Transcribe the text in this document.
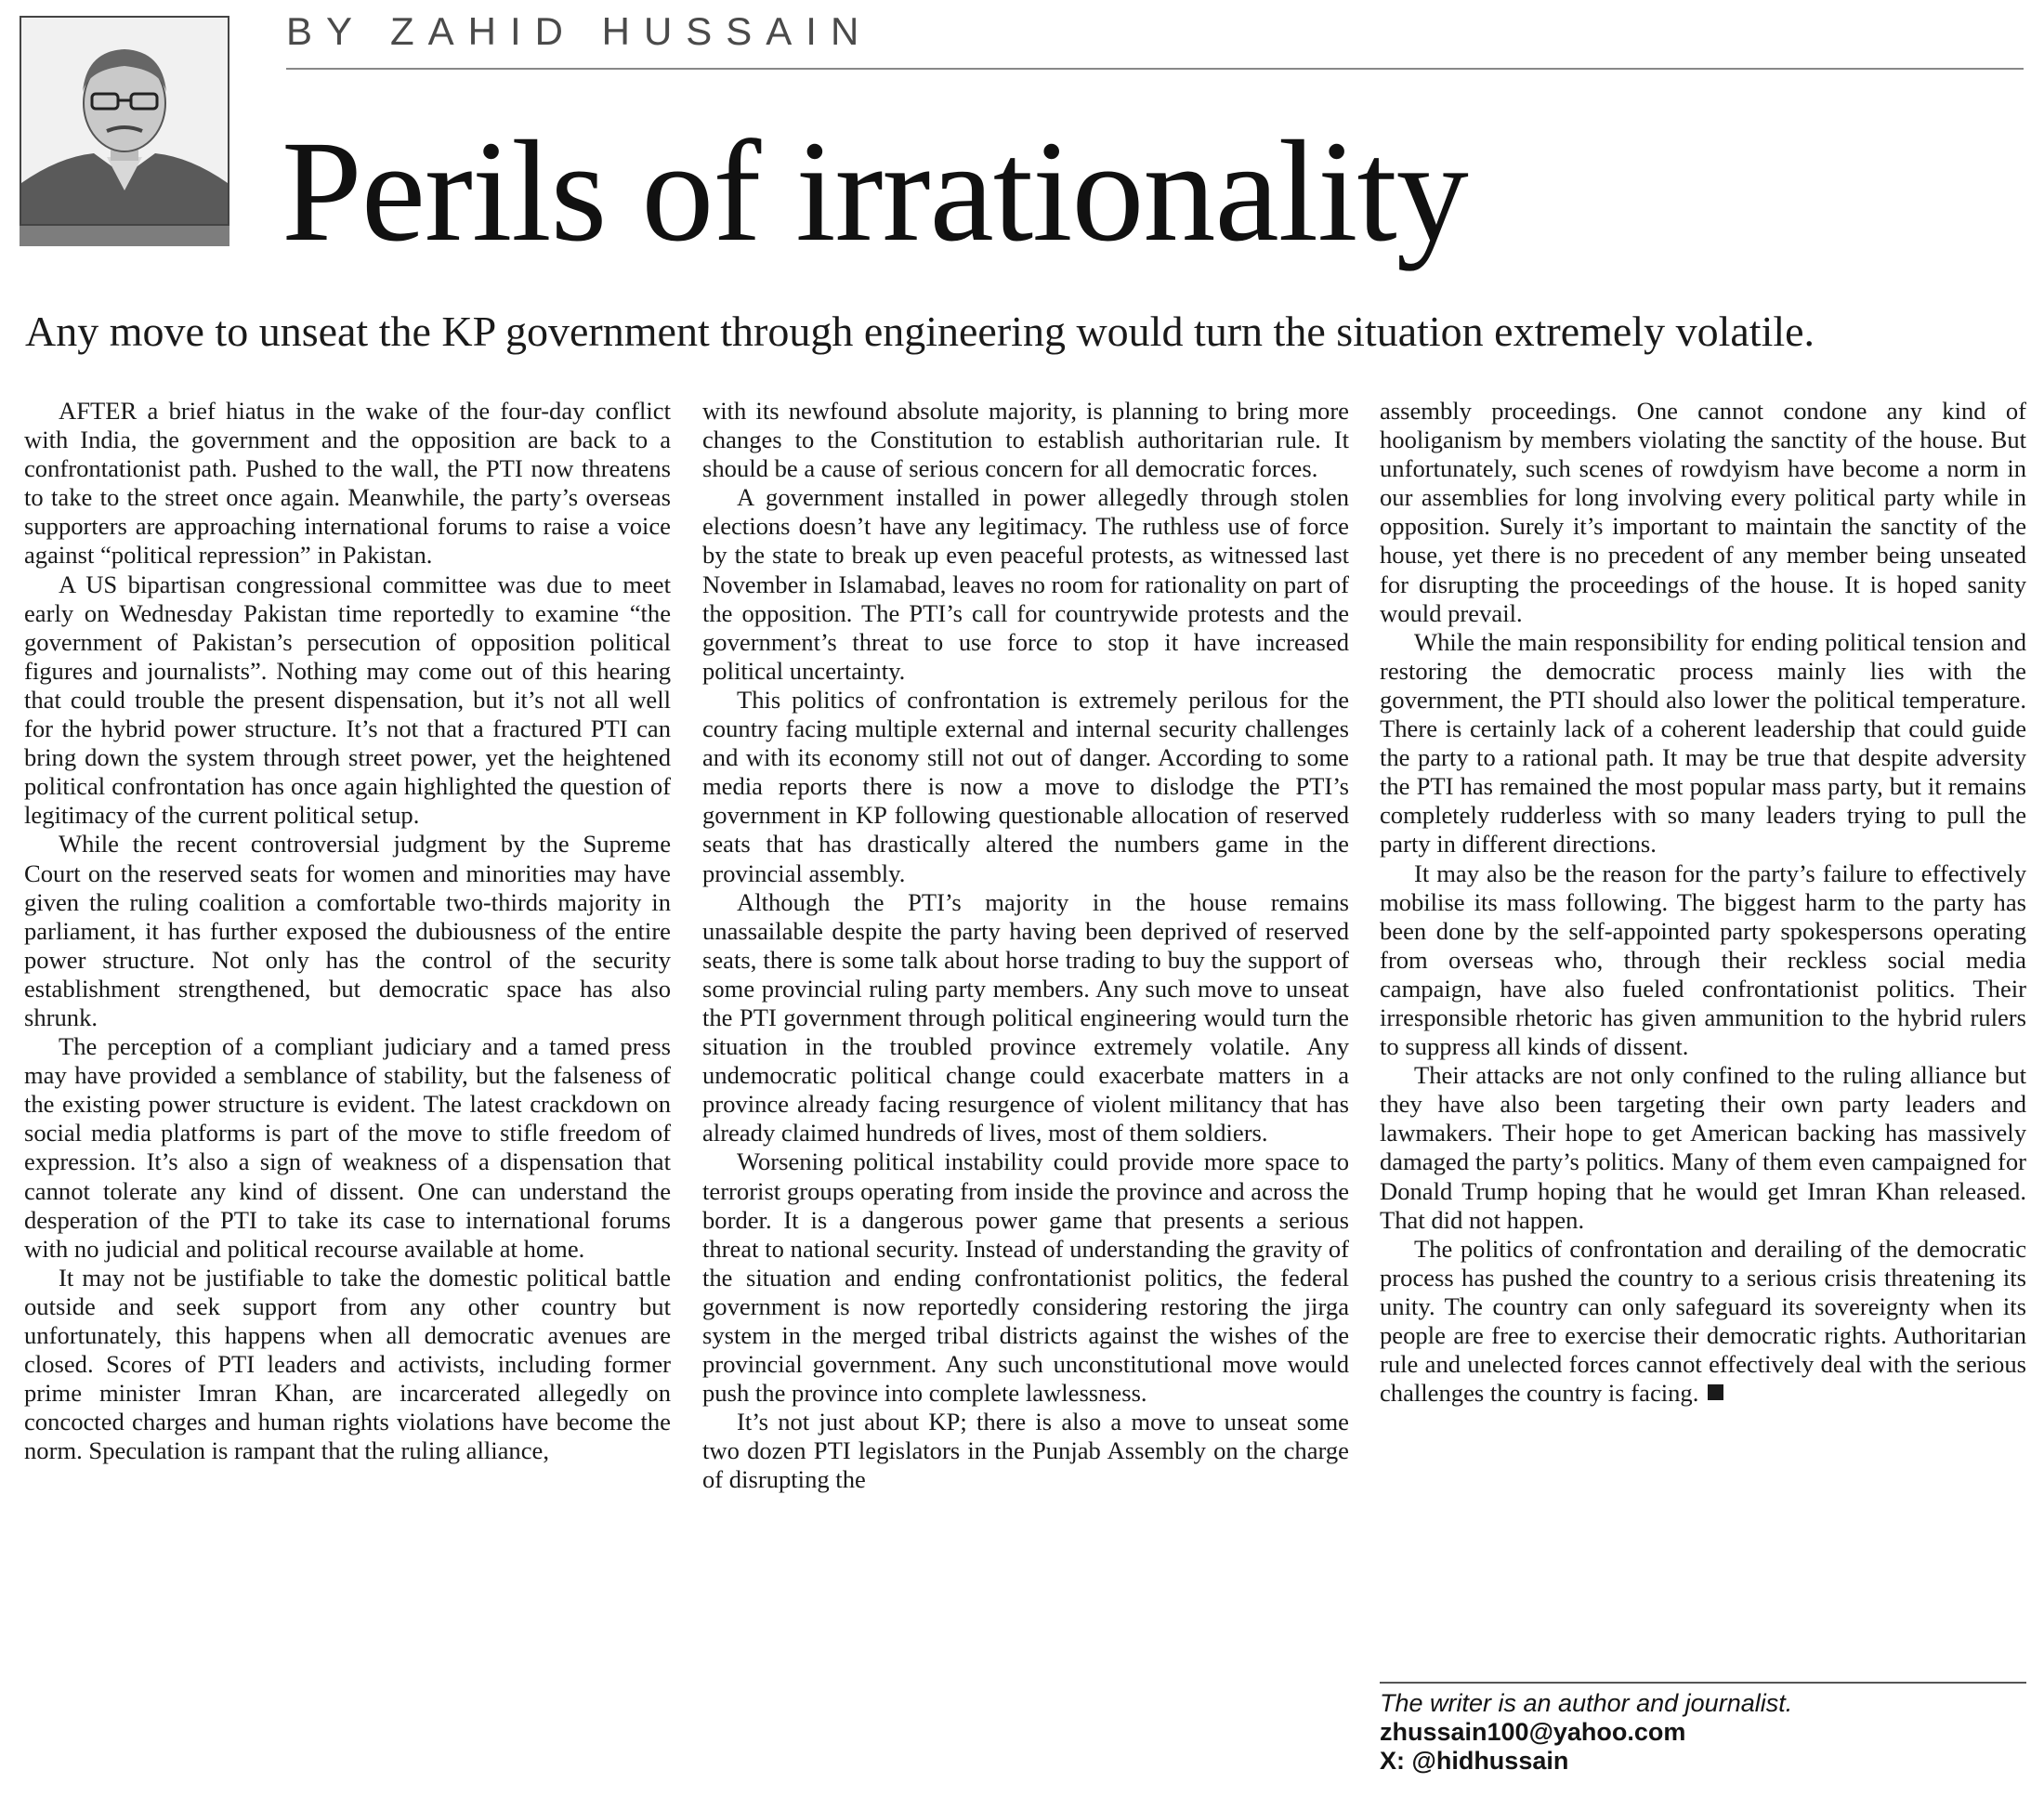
BY ZAHID HUSSAIN
Perils of irrationality

Any move to unseat the KP government through engineering would turn the situation extremely volatile.

AFTER a brief hiatus in the wake of the four-day conflict with India, the government and the opposition are back to a confrontationist path. Pushed to the wall, the PTI now threatens to take to the street once again. Meanwhile, the party’s overseas supporters are approaching international forums to raise a voice against “political repression” in Pakistan.

A US bipartisan congressional committee was due to meet early on Wednesday Pakistan time reportedly to examine “the government of Pakistan’s persecution of opposition political figures and journalists”. Nothing may come out of this hearing that could trouble the present dispensation, but it’s not all well for the hybrid power structure. It’s not that a fractured PTI can bring down the system through street power, yet the heightened political confrontation has once again highlighted the question of legitimacy of the current political setup.

While the recent controversial judgment by the Supreme Court on the reserved seats for women and minorities may have given the ruling coalition a comfortable two-thirds majority in parliament, it has further exposed the dubiousness of the entire power structure. Not only has the control of the security establishment strengthened, but democratic space has also shrunk.

The perception of a compliant judiciary and a tamed press may have provided a semblance of stability, but the falseness of the existing power structure is evident. The latest crackdown on social media platforms is part of the move to stifle freedom of expression. It’s also a sign of weakness of a dispensation that cannot tolerate any kind of dissent. One can understand the desperation of the PTI to take its case to international forums with no judicial and political recourse available at home.

It may not be justifiable to take the domestic political battle outside and seek support from any other country but unfortunately, this happens when all democratic avenues are closed. Scores of PTI leaders and activists, including former prime minister Imran Khan, are incarcerated allegedly on concocted charges and human rights violations have become the norm. Speculation is rampant that the ruling alliance,

with its newfound absolute majority, is planning to bring more changes to the Constitution to establish authoritarian rule. It should be a cause of serious concern for all democratic forces.

A government installed in power allegedly through stolen elections doesn’t have any legitimacy. The ruthless use of force by the state to break up even peaceful protests, as witnessed last November in Islamabad, leaves no room for rationality on part of the opposition. The PTI’s call for countrywide protests and the government’s threat to use force to stop it have increased political uncertainty.

This politics of confrontation is extremely perilous for the country facing multiple external and internal security challenges and with its economy still not out of danger. According to some media reports there is now a move to dislodge the PTI’s government in KP following questionable allocation of reserved seats that has drastically altered the numbers game in the provincial assembly.

Although the PTI’s majority in the house remains unassailable despite the party having been deprived of reserved seats, there is some talk about horse trading to buy the support of some provincial ruling party members. Any such move to unseat the PTI government through political engineering would turn the situation in the troubled province extremely volatile. Any undemocratic political change could exacerbate matters in a province already facing resurgence of violent militancy that has already claimed hundreds of lives, most of them soldiers.

Worsening political instability could provide more space to terrorist groups operating from inside the province and across the border. It is a dangerous power game that presents a serious threat to national security. Instead of understanding the gravity of the situation and ending confrontationist politics, the federal government is now reportedly considering restoring the jirga system in the merged tribal districts against the wishes of the provincial government. Any such unconstitutional move would push the province into complete lawlessness.

It’s not just about KP; there is also a move to unseat some two dozen PTI legislators in the Punjab Assembly on the charge of disrupting the

assembly proceedings. One cannot condone any kind of hooliganism by members violating the sanctity of the house. But unfortunately, such scenes of rowdyism have become a norm in our assemblies for long involving every political party while in opposition. Surely it’s important to maintain the sanctity of the house, yet there is no precedent of any member being unseated for disrupting the proceedings of the house. It is hoped sanity would prevail.

While the main responsibility for ending political tension and restoring the democratic process mainly lies with the government, the PTI should also lower the political temperature. There is certainly lack of a coherent leadership that could guide the party to a rational path. It may be true that despite adversity the PTI has remained the most popular mass party, but it remains completely rudderless with so many leaders trying to pull the party in different directions.

It may also be the reason for the party’s failure to effectively mobilise its mass following. The biggest harm to the party has been done by the self-appointed party spokespersons operating from overseas who, through their reckless social media campaign, have also fueled confrontationist politics. Their irresponsible rhetoric has given ammunition to the hybrid rulers to suppress all kinds of dissent.

Their attacks are not only confined to the ruling alliance but they have also been targeting their own party leaders and lawmakers. Their hope to get American backing has massively damaged the party’s politics. Many of them even campaigned for Donald Trump hoping that he would get Imran Khan released. That did not happen.

The politics of confrontation and derailing of the democratic process has pushed the country to a serious crisis threatening its unity. The country can only safeguard its sovereignty when its people are free to exercise their democratic rights. Authoritarian rule and unelected forces cannot effectively deal with the serious challenges the country is facing.

The writer is an author and journalist.
zhussain100@yahoo.com
X: @hidhussain
